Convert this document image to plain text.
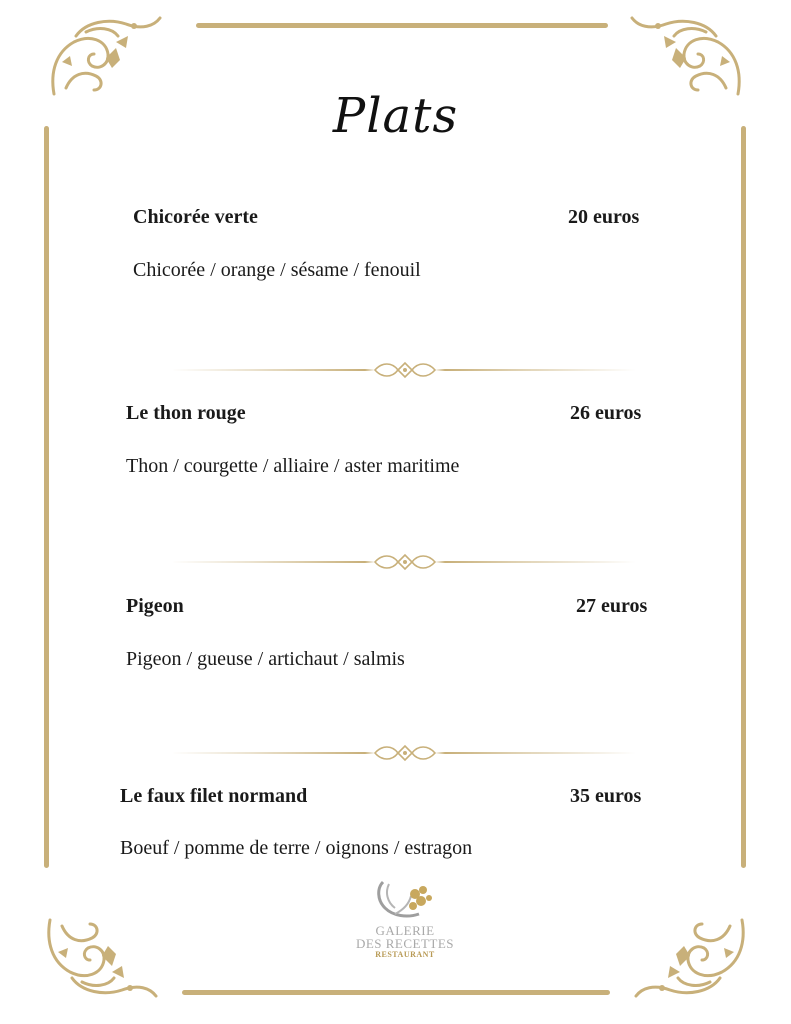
Plats
Chicorée verte	20 euros
Chicorée / orange / sésame / fenouil
Le thon rouge	26 euros
Thon / courgette / alliaire / aster maritime
Pigeon	27 euros
Pigeon / gueuse / artichaut / salmis
Le faux filet normand	35 euros
Boeuf / pomme de terre / oignons / estragon
GALERIE
DES RECETTES
RESTAURANT
